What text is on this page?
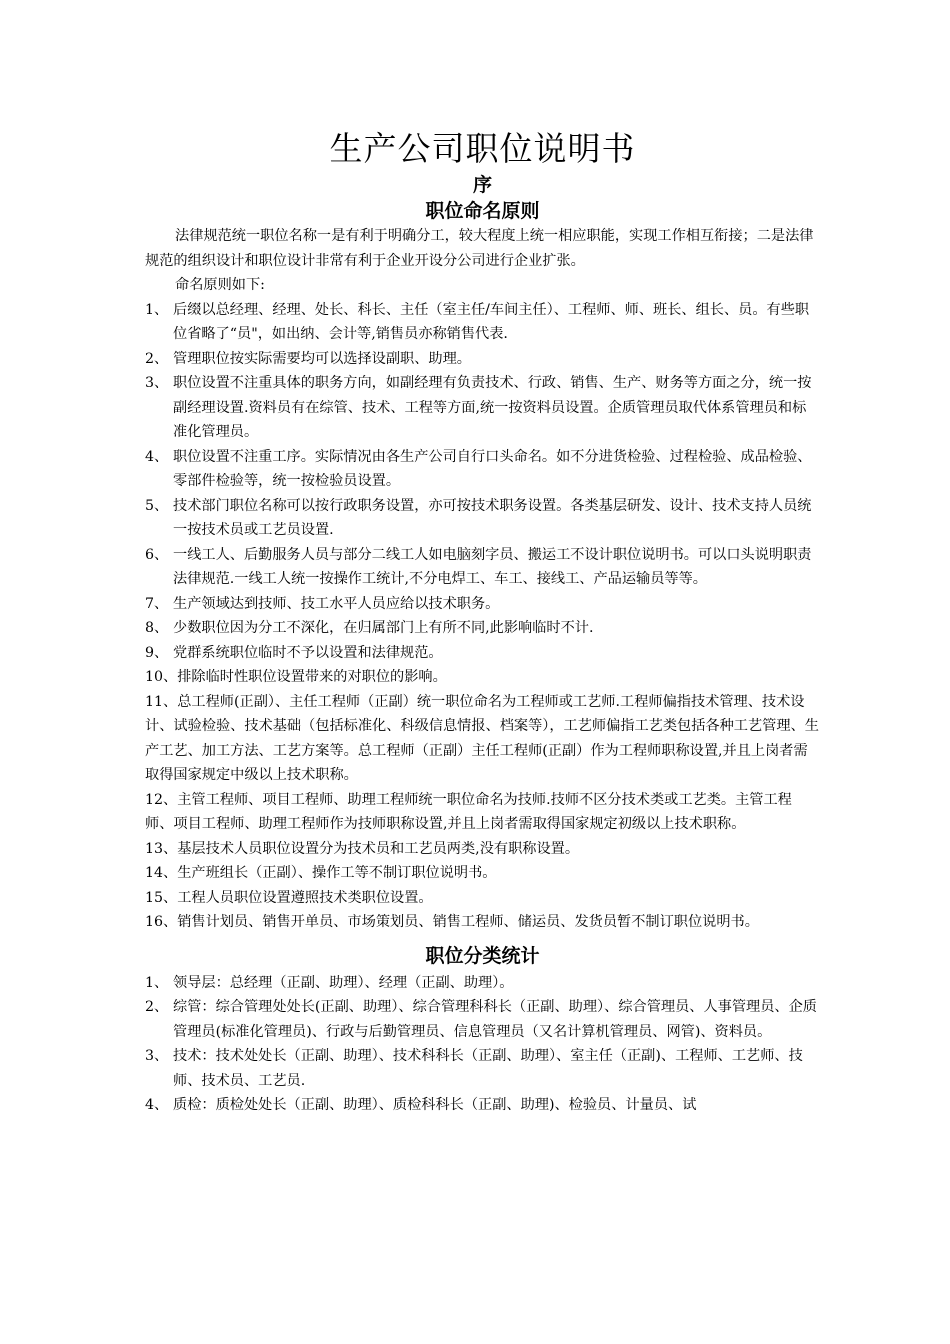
生产公司职位说明书
序
职位命名原则

法律规范统一职位名称一是有利于明确分工，较大程度上统一相应职能，实现工作相互衔接；二是法律规范的组织设计和职位设计非常有利于企业开设分公司进行企业扩张。

命名原则如下:

1、 后缀以总经理、经理、处长、科长、主任（室主任/车间主任）、工程师、师、班长、组长、员。有些职位省略了“员"，如出纳、会计等,销售员亦称销售代表.
2、 管理职位按实际需要均可以选择设副职、助理。
3、 职位设置不注重具体的职务方向，如副经理有负责技术、行政、销售、生产、财务等方面之分，统一按副经理设置.资料员有在综管、技术、工程等方面,统一按资料员设置。企质管理员取代体系管理员和标准化管理员。
4、 职位设置不注重工序。实际情况由各生产公司自行口头命名。如不分进货检验、过程检验、成品检验、零部件检验等，统一按检验员设置。
5、 技术部门职位名称可以按行政职务设置，亦可按技术职务设置。各类基层研发、设计、技术支持人员统一按技术员或工艺员设置.
6、 一线工人、后勤服务人员与部分二线工人如电脑刻字员、搬运工不设计职位说明书。可以口头说明职责法律规范.一线工人统一按操作工统计,不分电焊工、车工、接线工、产品运输员等等。
7、 生产领域达到技师、技工水平人员应给以技术职务。
8、 少数职位因为分工不深化，在归属部门上有所不同,此影响临时不计.
9、 党群系统职位临时不予以设置和法律规范。

10、排除临时性职位设置带来的对职位的影响。

11、总工程师(正副）、主任工程师（正副）统一职位命名为工程师或工艺师.工程师偏指技术管理、技术设计、试验检验、技术基础（包括标准化、科级信息情报、档案等），工艺师偏指工艺类包括各种工艺管理、生产工艺、加工方法、工艺方案等。总工程师（正副）主任工程师(正副）作为工程师职称设置,并且上岗者需取得国家规定中级以上技术职称。

12、主管工程师、项目工程师、助理工程师统一职位命名为技师.技师不区分技术类或工艺类。主管工程师、项目工程师、助理工程师作为技师职称设置,并且上岗者需取得国家规定初级以上技术职称。

13、基层技术人员职位设置分为技术员和工艺员两类,没有职称设置。

14、生产班组长（正副）、操作工等不制订职位说明书。

15、工程人员职位设置遵照技术类职位设置。

16、销售计划员、销售开单员、市场策划员、销售工程师、储运员、发货员暂不制订职位说明书。

职位分类统计
1、 领导层：总经理（正副、助理）、经理（正副、助理）。
2、 综管：综合管理处处长(正副、助理）、综合管理科科长（正副、助理）、综合管理员、人事管理员、企质管理员(标准化管理员)、行政与后勤管理员、信息管理员（又名计算机管理员、网管)、资料员。
3、 技术：技术处处长（正副、助理）、技术科科长（正副、助理）、室主任（正副)、工程师、工艺师、技师、技术员、工艺员.
4、 质检：质检处处长（正副、助理）、质检科科长（正副、助理)、检验员、计量员、试
